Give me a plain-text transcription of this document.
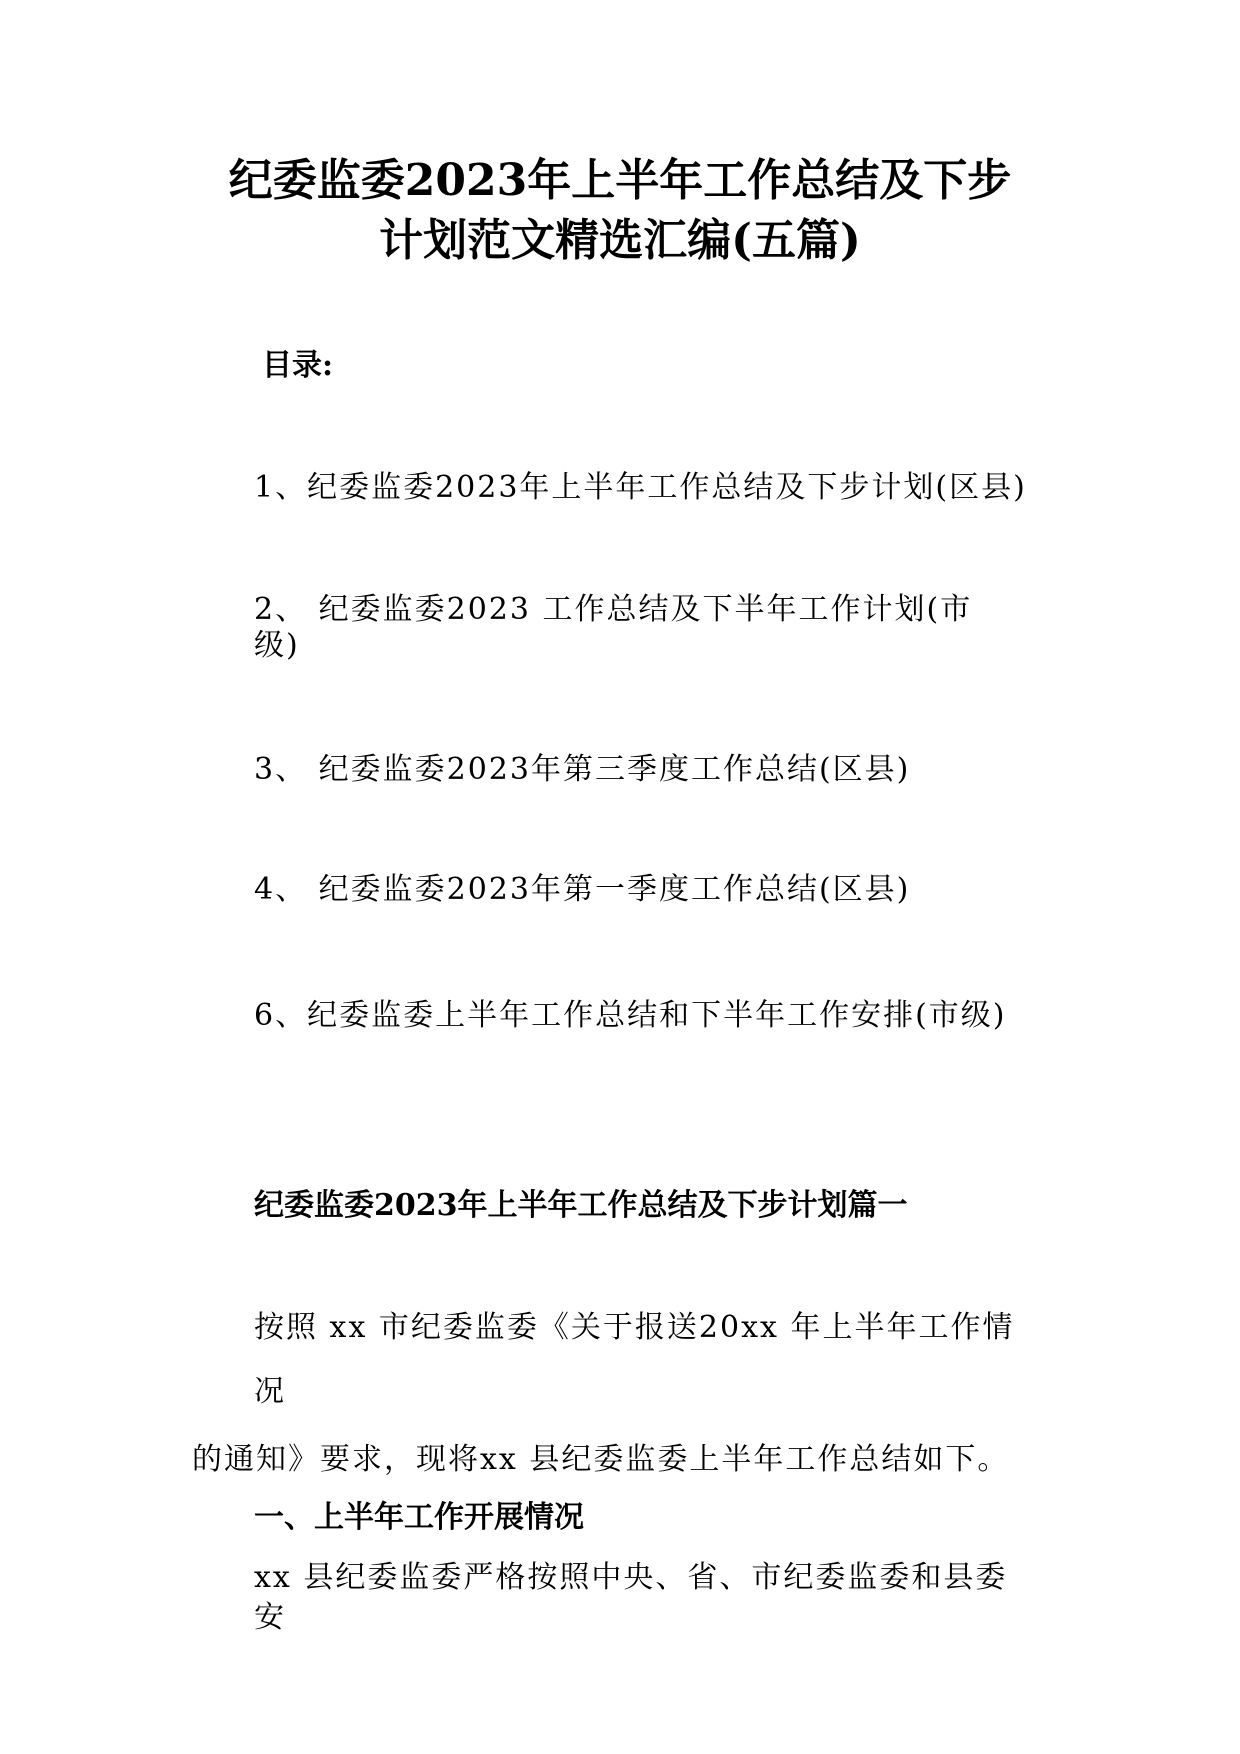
纪委监委2023年上半年工作总结及下步
计划范文精选汇编(五篇)
目录:
1、纪委监委2023年上半年工作总结及下步计划(区县)
2、 纪委监委2023 工作总结及下半年工作计划(市
级)
3、 纪委监委2023年第三季度工作总结(区县)
4、 纪委监委2023年第一季度工作总结(区县)
6、纪委监委上半年工作总结和下半年工作安排(市级)
纪委监委2023年上半年工作总结及下步计划篇一
按照 xx 市纪委监委《关于报送20xx 年上半年工作情
况
的通知》要求，现将xx 县纪委监委上半年工作总结如下。
一、上半年工作开展情况
xx 县纪委监委严格按照中央、省、市纪委监委和县委
安
